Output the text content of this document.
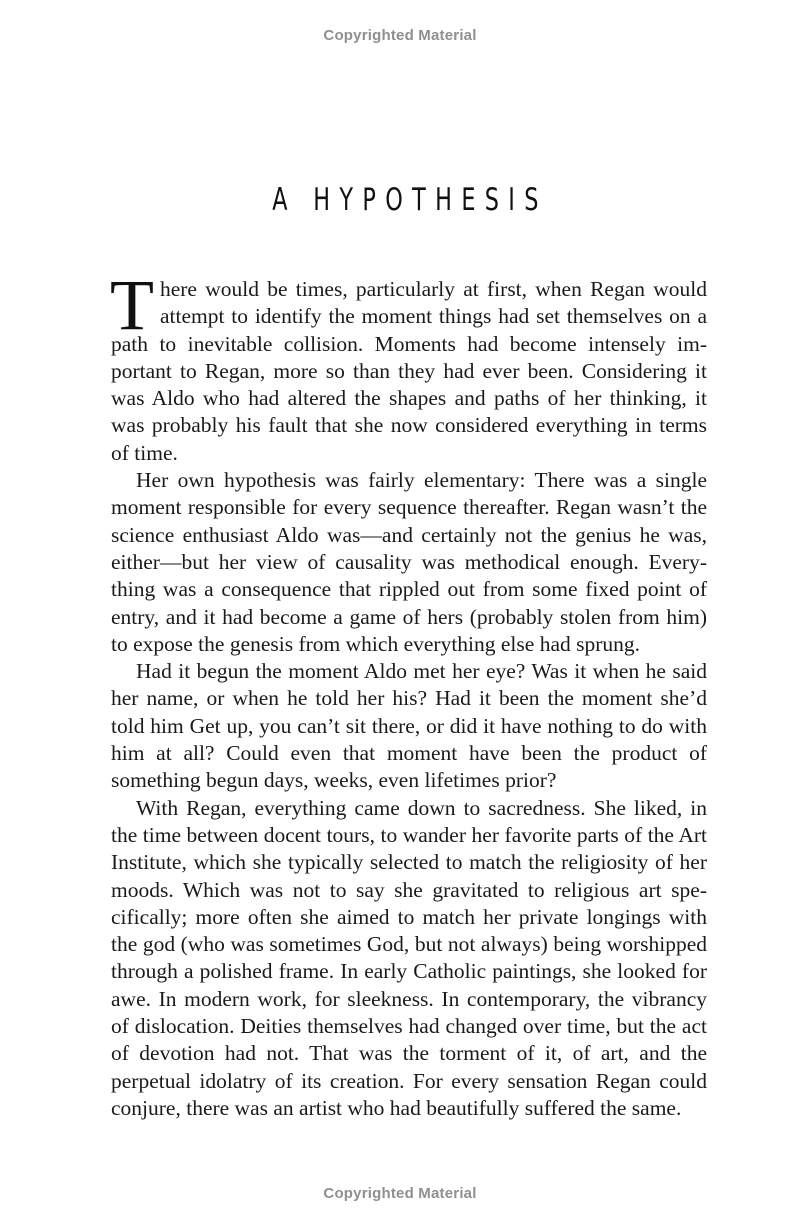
Copyrighted Material
A HYPOTHESIS

There would be times, particularly at first, when Regan would attempt to identify the moment things had set themselves on a path to inevitable collision. Moments had become intensely important to Regan, more so than they had ever been. Considering it was Aldo who had altered the shapes and paths of her thinking, it was probably his fault that she now considered everything in terms of time.

Her own hypothesis was fairly elementary: There was a single moment responsible for every sequence thereafter. Regan wasn’t the science enthusiast Aldo was—and certainly not the genius he was, either—but her view of causality was methodical enough. Everything was a consequence that rippled out from some fixed point of entry, and it had become a game of hers (probably stolen from him) to expose the genesis from which everything else had sprung.

Had it begun the moment Aldo met her eye? Was it when he said her name, or when he told her his? Had it been the moment she’d told him Get up, you can’t sit there, or did it have nothing to do with him at all? Could even that moment have been the product of something begun days, weeks, even lifetimes prior?

With Regan, everything came down to sacredness. She liked, in the time between docent tours, to wander her favorite parts of the Art Institute, which she typically selected to match the religiosity of her moods. Which was not to say she gravitated to religious art specifically; more often she aimed to match her private longings with the god (who was sometimes God, but not always) being worshipped through a polished frame. In early Catholic paintings, she looked for awe. In modern work, for sleekness. In contemporary, the vibrancy of dislocation. Deities themselves had changed over time, but the act of devotion had not. That was the torment of it, of art, and the perpetual idolatry of its creation. For every sensation Regan could conjure, there was an artist who had beautifully suffered the same.

Copyrighted Material
